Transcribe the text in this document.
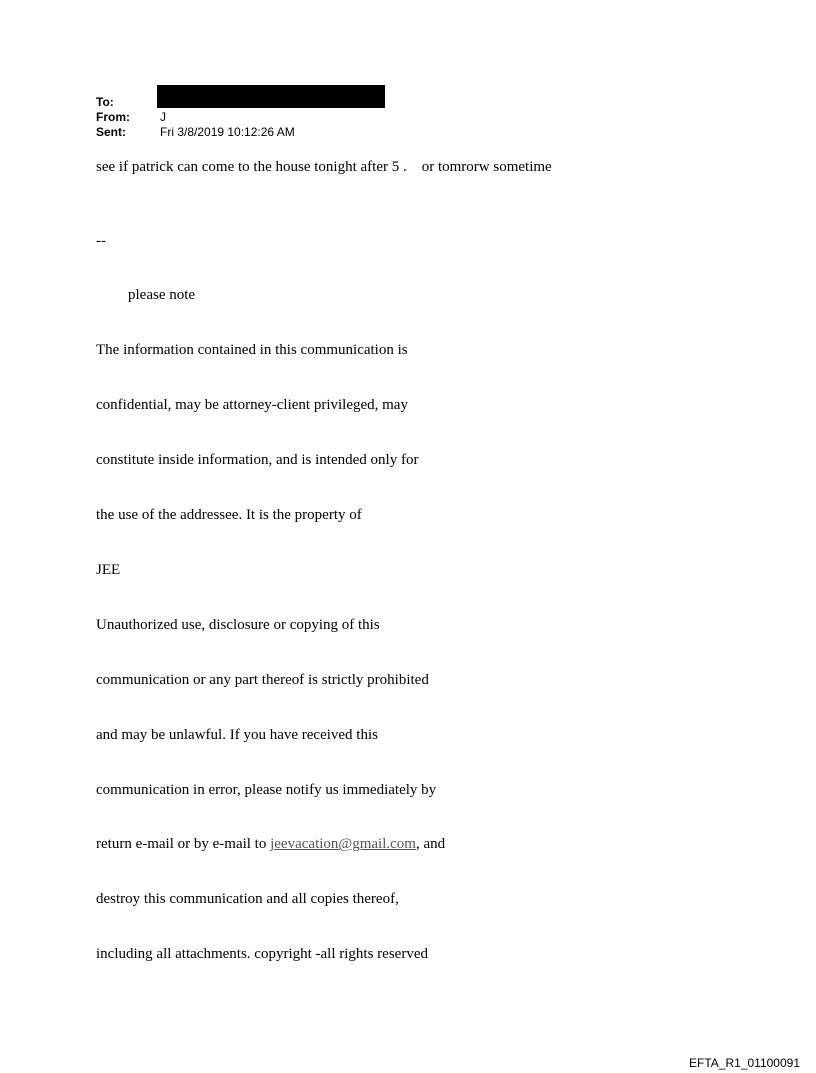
To:
From:	J
Sent:	Fri 3/8/2019 10:12:26 AM
see if patrick can come to the house tonight after 5 .    or tomrorw sometime

--

please note

The information contained in this communication is

confidential, may be attorney-client privileged, may

constitute inside information, and is intended only for

the use of the addressee. It is the property of

JEE

Unauthorized use, disclosure or copying of this

communication or any part thereof is strictly prohibited

and may be unlawful. If you have received this

communication in error, please notify us immediately by

return e-mail or by e-mail to jeevacation@gmail.com, and

destroy this communication and all copies thereof,

including all attachments. copyright -all rights reserved

EFTA_R1_01100091
